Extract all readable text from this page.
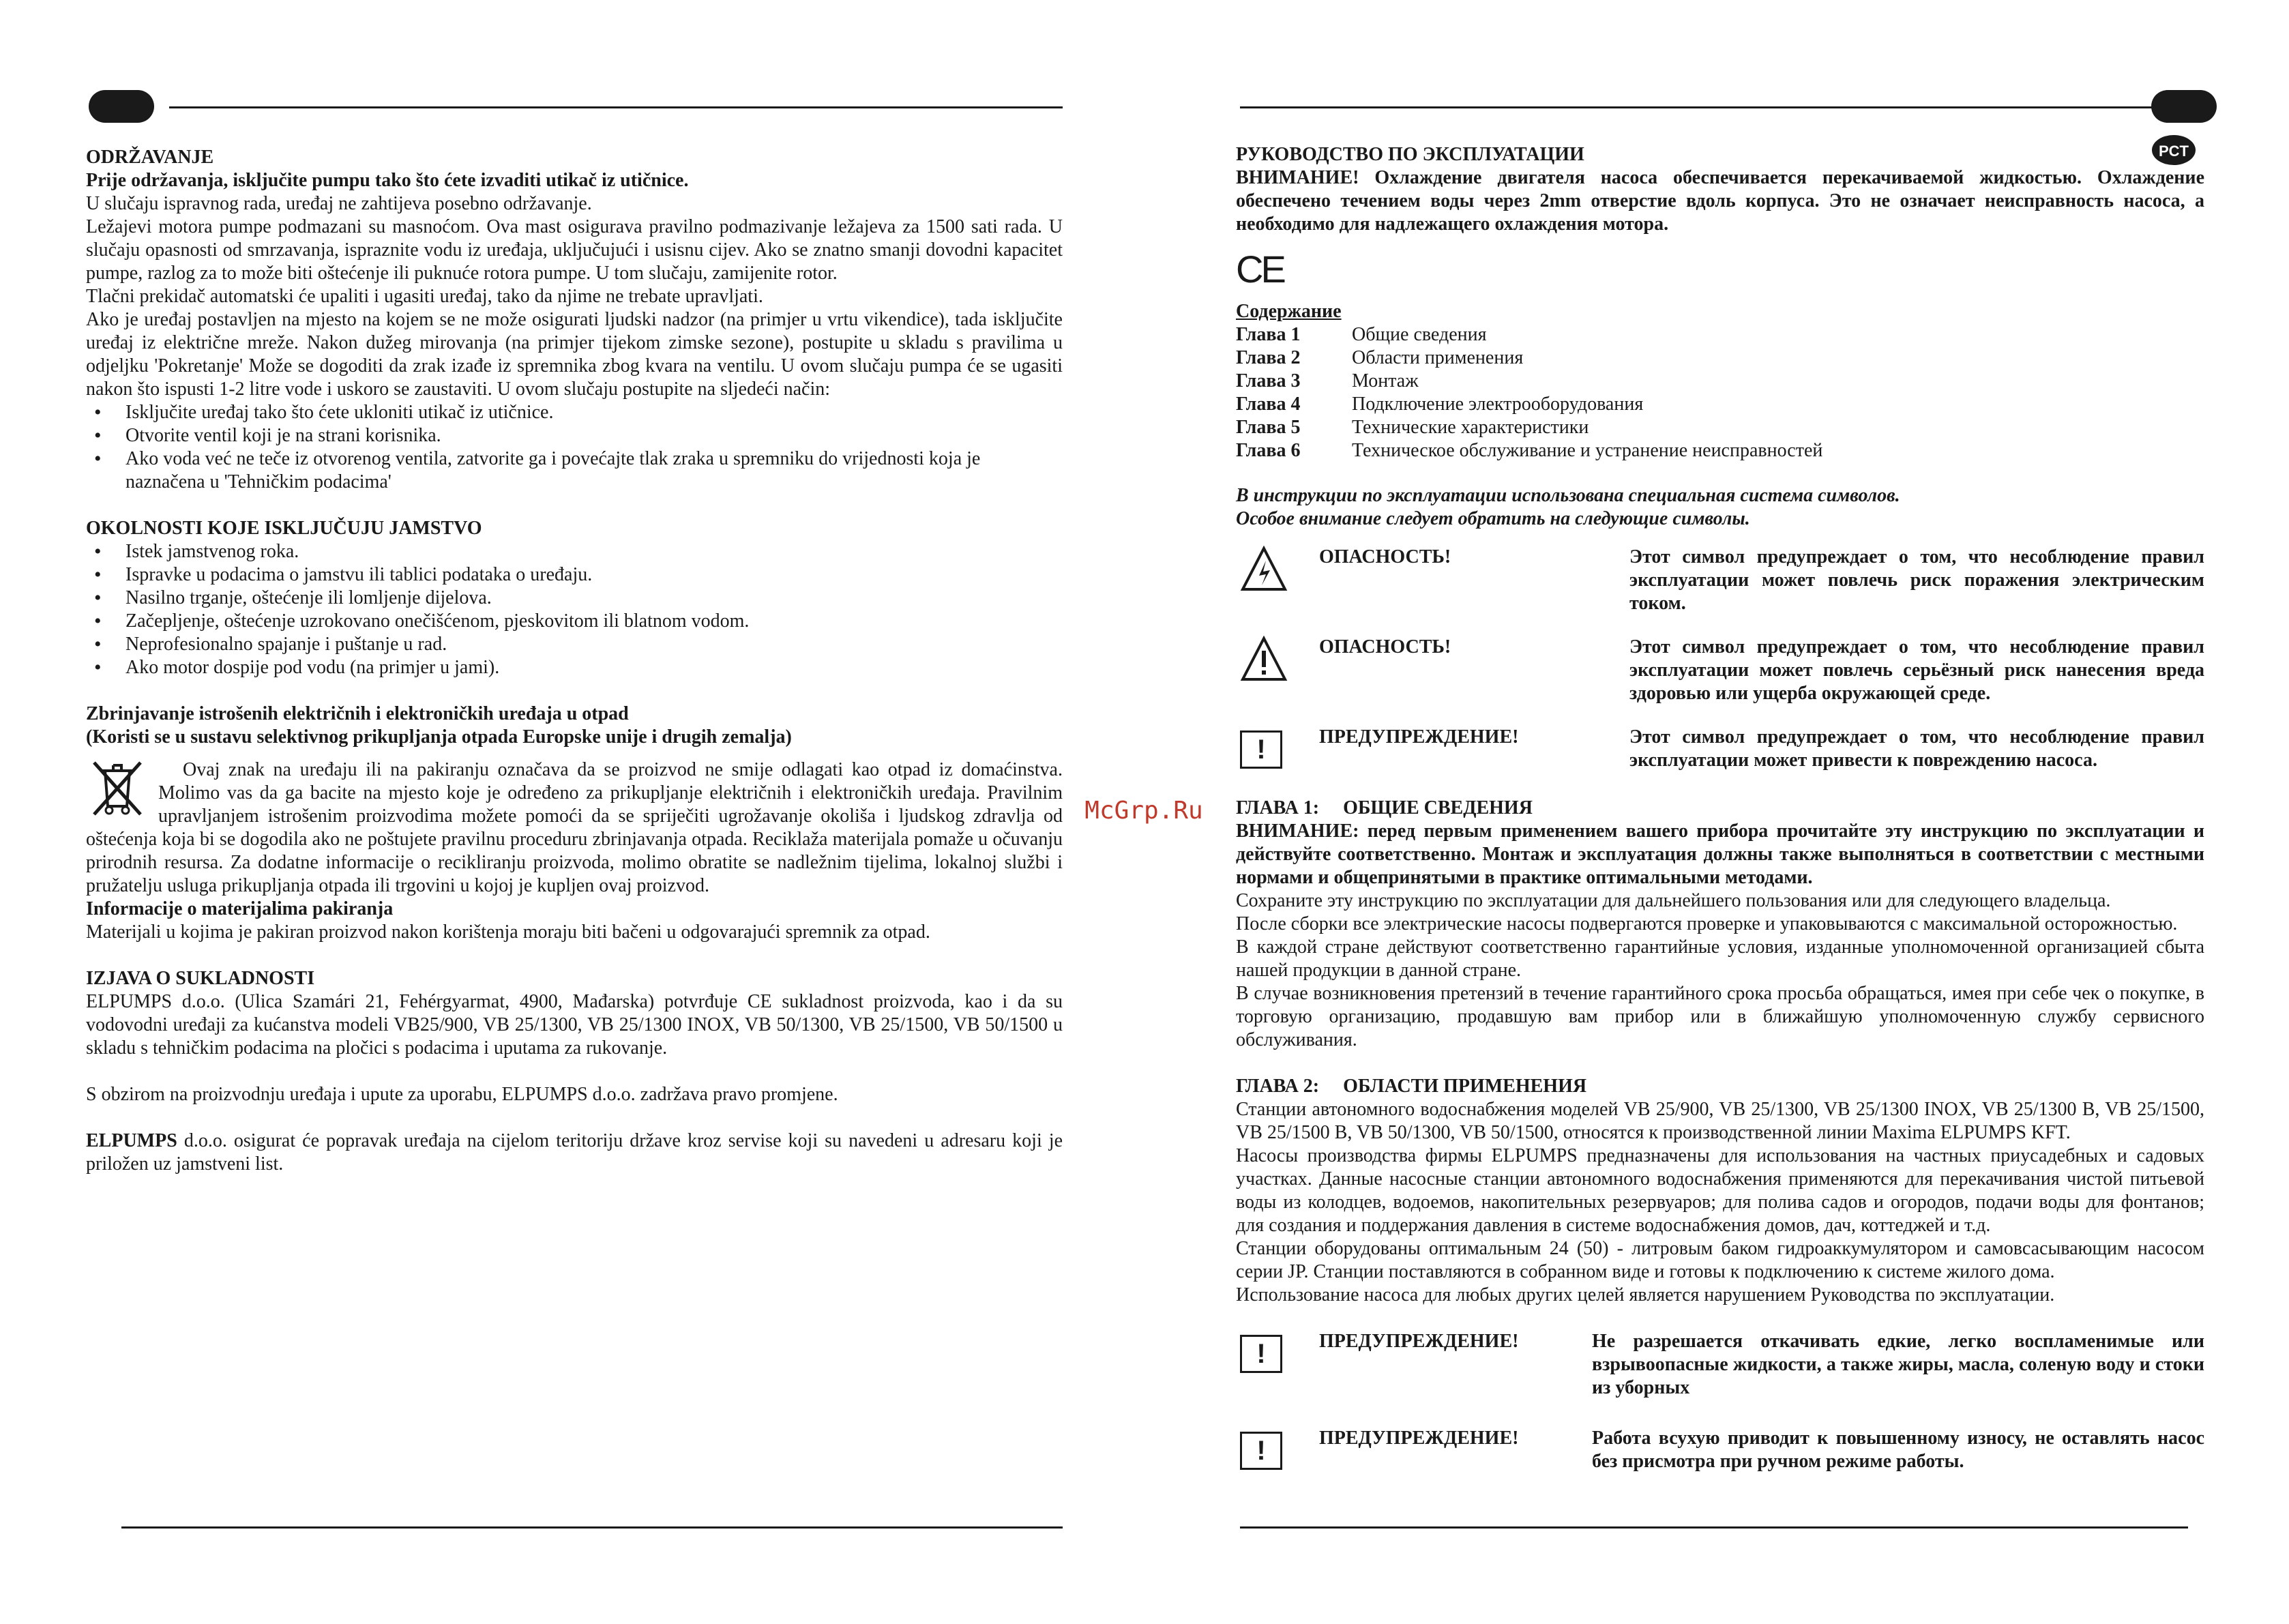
ODRŽAVANJE

Prije održavanja, isključite pumpu tako što ćete izvaditi utikač iz utičnice.

U slučaju ispravnog rada, uređaj ne zahtijeva posebno održavanje.

Ležajevi motora pumpe podmazani su masnoćom. Ova mast osigurava pravilno podmazivanje ležajeva za 1500 sati rada. U slučaju opasnosti od smrzavanja, ispraznite vodu iz uređaja, uključujući i usisnu cijev. Ako se znatno smanji dovodni kapacitet pumpe, razlog za to može biti oštećenje ili puknuće rotora pumpe. U tom slučaju, zamijenite rotor.

Tlačni prekidač automatski će upaliti i ugasiti uređaj, tako da njime ne trebate upravljati.

Ako je uređaj postavljen na mjesto na kojem se ne može osigurati ljudski nadzor (na primjer u vrtu vikendice), tada isključite uređaj iz električne mreže. Nakon dužeg mirovanja (na primjer tijekom zimske sezone), postupite u skladu s pravilima u odjeljku 'Pokretanje' Može se dogoditi da zrak izađe iz spremnika zbog kvara na ventilu. U ovom slučaju pumpa će se ugasiti nakon što ispusti 1-2 litre vode i uskoro se zaustaviti. U ovom slučaju postupite na sljedeći način:

• Isključite uređaj tako što ćete ukloniti utikač iz utičnice.
• Otvorite ventil koji je na strani korisnika.
• Ako voda već ne teče iz otvorenog ventila, zatvorite ga i povećajte tlak zraka u spremniku do vrijednosti koja je naznačena u 'Tehničkim podacima'

OKOLNOSTI KOJE ISKLJUČUJU JAMSTVO

• Istek jamstvenog roka.
• Ispravke u podacima o jamstvu ili tablici podataka o uređaju.
• Nasilno trganje, oštećenje ili lomljenje dijelova.
• Začepljenje, oštećenje uzrokovano onečišćenom, pjeskovitom ili blatnom vodom.
• Neprofesionalno spajanje i puštanje u rad.
• Ako motor dospije pod vodu (na primjer u jami).

Zbrinjavanje istrošenih električnih i elektroničkih uređaja u otpad

(Koristi se u sustavu selektivnog prikupljanja otpada Europske unije i drugih zemalja)

Ovaj znak na uređaju ili na pakiranju označava da se proizvod ne smije odlagati kao otpad iz domaćinstva. Molimo vas da ga bacite na mjesto koje je određeno za prikupljanje električnih i elektroničkih uređaja. Pravilnim upravljanjem istrošenim proizvodima možete pomoći da se spriječiti ugrožavanje okoliša i ljudskog zdravlja od oštećenja koja bi se dogodila ako ne poštujete pravilnu proceduru zbrinjavanja otpada. Reciklaža materijala pomaže u očuvanju prirodnih resursa. Za dodatne informacije o recikliranju proizvoda, molimo obratite se nadležnim tijelima, lokalnoj službi i pružatelju usluga prikupljanja otpada ili trgovini u kojoj je kupljen ovaj proizvod.

Informacije o materijalima pakiranja

Materijali u kojima je pakiran proizvod nakon korištenja moraju biti bačeni u odgovarajući spremnik za otpad.

IZJAVA O SUKLADNOSTI

ELPUMPS d.o.o. (Ulica Szamári 21, Fehérgyarmat, 4900, Mađarska) potvrđuje CE sukladnost proizvoda, kao i da su vodovodni uređaji za kućanstva modeli VB25/900, VB 25/1300, VB 25/1300 INOX, VB 50/1300, VB 25/1500, VB 50/1500 u skladu s tehničkim podacima na pločici s podacima i uputama za rukovanje.

S obzirom na proizvodnju uređaja i upute za uporabu, ELPUMPS d.o.o. zadržava pravo promjene.

ELPUMPS d.o.o. osigurat će popravak uređaja na cijelom teritoriju države kroz servise koji su navedeni u adresaru koji je priložen uz jamstveni list.

McGrp.Ru

РУКОВОДСТВО ПО ЭКСПЛУАТАЦИИ

ВНИМАНИЕ! Охлаждение двигателя насоса обеспечивается перекачиваемой жидкостью. Охлаждение обеспечено течением воды через 2mm отверстие вдоль корпуса. Это не означает неисправность насоса, а необходимо для надлежащего охлаждения мотора.

CE

Содержание

Глава 1	Общие сведения
Глава 2	Области применения
Глава 3	Монтаж
Глава 4	Подключение электрооборудования
Глава 5	Технические характеристики
Глава 6	Техническое обслуживание и устранение неисправностей

В инструкции по эксплуатации использована специальная система символов.

Особое внимание следует обратить на следующие символы.

ОПАСНОСТЬ!	Этот символ предупреждает о том, что несоблюдение правил эксплуатации может повлечь риск поражения электрическим током.
ОПАСНОСТЬ!	Этот символ предупреждает о том, что несоблюдение правил эксплуатации может повлечь серьёзный риск нанесения вреда здоровью или ущерба окружающей среде.
!	ПРЕДУПРЕЖДЕНИЕ!	Этот символ предупреждает о том, что несоблюдение правил эксплуатации может привести к повреждению насоса.

ГЛАВА 1:     ОБЩИЕ СВЕДЕНИЯ

ВНИМАНИЕ: перед первым применением вашего прибора прочитайте эту инструкцию по эксплуатации и действуйте соответственно. Монтаж и эксплуатация должны также выполняться в соответствии с местными нормами и общепринятыми в практике оптимальными методами.

Сохраните эту инструкцию по эксплуатации для дальнейшего пользования или для следующего владельца.

После сборки все электрические насосы подвергаются проверке и упаковываются с максимальной осторожностью.

В каждой стране действуют соответственно гарантийные условия, изданные уполномоченной организацией сбыта нашей продукции в данной стране.

В случае возникновения претензий в течение гарантийного срока просьба обращаться, имея при себе чек о покупке, в торговую организацию, продавшую вам прибор или в ближайшую уполномоченную службу сервисного обслуживания.

ГЛАВА 2:     ОБЛАСТИ ПРИМЕНЕНИЯ

Станции автономного водоснабжения моделей VB 25/900, VB 25/1300, VB 25/1300 INOX, VB 25/1300 B, VB 25/1500, VB 25/1500 B, VB 50/1300, VB 50/1500, относятся к производственной линии Maxima ELPUMPS KFT.

Насосы производства фирмы ELPUMPS предназначены для использования на частных приусадебных и садовых участках. Данные насосные станции автономного водоснабжения применяются для перекачивания чистой питьевой воды из колодцев, водоемов, накопительных резервуаров; для полива садов и огородов, подачи воды для фонтанов; для создания и поддержания давления в системе водоснабжения домов, дач, коттеджей и т.д.

Станции оборудованы оптимальным 24 (50) - литровым баком гидроаккумулятором и самовсасывающим насосом серии JP. Станции поставляются в собранном виде и готовы к подключению к системе жилого дома.

Использование насоса для любых других целей является нарушением Руководства по эксплуатации.

!	ПРЕДУПРЕЖДЕНИЕ!	Не разрешается откачивать едкие, легко воспламенимые или взрывоопасные жидкости, а также жиры, масла, соленую воду и стоки из уборных
!	ПРЕДУПРЕЖДЕНИЕ!	Работа всухую приводит к повышенному износу, не оставлять насос без присмотра при ручном режиме работы.
PCT
